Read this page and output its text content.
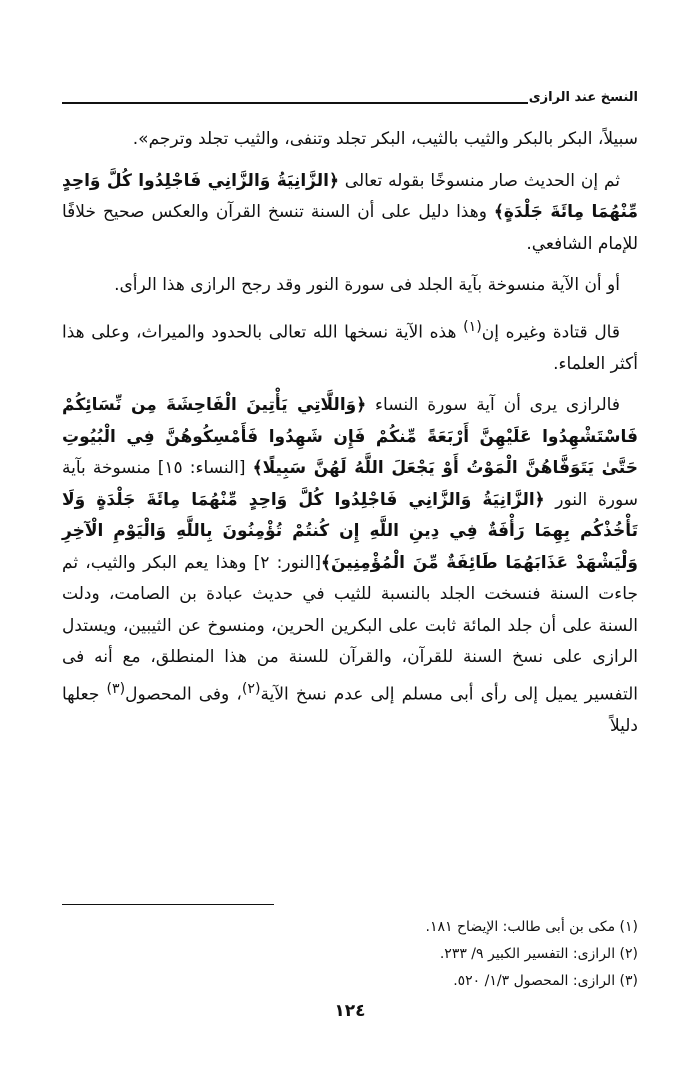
النسخ عند الرازى

سبيلاً، البكر بالبكر والثيب بالثيب، البكر تجلد وتنفى، والثيب تجلد وترجم».

ثم إن الحديث صار منسوخًا بقوله تعالى ﴿الزَّانِيَةُ وَالزَّانِي فَاجْلِدُوا كُلَّ وَاحِدٍ مِّنْهُمَا مِائَةَ جَلْدَةٍ﴾ وهذا دليل على أن السنة تنسخ القرآن والعكس صحيح خلافًا للإمام الشافعي.

أو أن الآية منسوخة بآية الجلد فى سورة النور وقد رجح الرازى هذا الرأى.

قال قتادة وغيره إن$^{(١)}$ هذه الآية نسخها الله تعالى بالحدود والميراث، وعلى هذا أكثر العلماء.

فالرازى يرى أن آية سورة النساء ﴿وَاللَّاتِي يَأْتِينَ الْفَاحِشَةَ مِن نِّسَائِكُمْ فَاسْتَشْهِدُوا عَلَيْهِنَّ أَرْبَعَةً مِّنكُمْ فَإِن شَهِدُوا فَأَمْسِكُوهُنَّ فِي الْبُيُوتِ حَتَّىٰ يَتَوَفَّاهُنَّ الْمَوْتُ أَوْ يَجْعَلَ اللَّهُ لَهُنَّ سَبِيلًا﴾ [النساء: ١٥] منسوخة بآية سورة النور ﴿الزَّانِيَةُ وَالزَّانِي فَاجْلِدُوا كُلَّ وَاحِدٍ مِّنْهُمَا مِائَةَ جَلْدَةٍ وَلَا تَأْخُذْكُم بِهِمَا رَأْفَةٌ فِي دِينِ اللَّهِ إِن كُنتُمْ تُؤْمِنُونَ بِاللَّهِ وَالْيَوْمِ الْآخِرِ وَلْيَشْهَدْ عَذَابَهُمَا طَائِفَةٌ مِّنَ الْمُؤْمِنِينَ﴾[النور: ٢] وهذا يعم البكر والثيب، ثم جاءت السنة فنسخت الجلد بالنسبة للثيب في حديث عبادة بن الصامت، ودلت السنة على أن جلد المائة ثابت على البكرين الحرين، ومنسوخ عن الثيبين، ويستدل الرازى على نسخ السنة للقرآن، والقرآن للسنة من هذا المنطلق، مع أنه فى التفسير يميل إلى رأى أبى مسلم إلى عدم نسخ الآية$^{(٢)}$، وفى المحصول$^{(٣)}$ جعلها دليلاً

(١) مكى بن أبى طالب: الإيضاح ١٨١.
(٢) الرازى: التفسير الكبير ٩/ ٢٣٣.
(٣) الرازى: المحصول ١/٣/ ٥٢٠.
١٢٤
